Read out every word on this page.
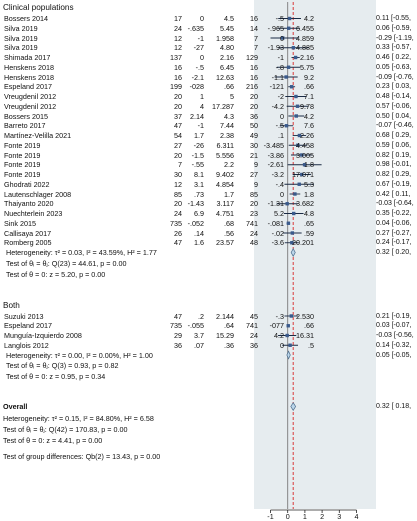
Clinical populations
Bossers 2014	17	0	4.5 16 -.5	4.2	0.11 [-0.55,
Silva 2019	24 -.635 5.45 14 -.965 6.455	0.06 [-0.59,
Silva 2019	12 -1 1.958	7	0 4.859	-0.29 [-1.19,
Silva 2019	12 -27 4.80	7 -1.93 4.885	0.33 [-0.57,
Shimada 2017	137	0 2.16 129	-1 2.16	0.46 [ 0.22,
Henskens 2018	16 -.5 6.45 16 -.8 5.75	0.05 [-0.63,
Henskens 2018	16 -2.1 12.63 16 -1.1	9.2	-0.09 [-0.76,
Espeland 2017	199 -028	.66 216 -121	.66	0.23 [ 0.03,
Vreugdenil 2012	20	1	5 20	-2	7.1	0.48 [-0.14,
Vreugdenil 2012	20	4 17.287 20 -4.2 9.78	0.57 [-0.06,
Bossers 2015	37 2.14	4.3 36	0	4.2	0.50 [ 0.04,
Barreto 2017	47 -1 7.44 50 -.5	7.6	-0.07 [-0.46,
Martínez-Velilla 2021	54 1.7 2.38 49	.1 2.26	0.68 [ 0.29,
Fonte 2019	27 -26 6.311 30 -3.485 4.458	0.59 [ 0.06,
Fonte 2019	20 -1.5 5.556 21 -3.86 3.005	0.82 [ 0.19,
Fonte 2019	7 -.55	2.2	9 -2.61	1.8	0.98 [-0.01,
Fonte 2019	30 8.1 9.402 27 -3.2 17.071	0.82 [ 0.29,
Ghodrati 2022	12 3.1 4.854	9 -.4	5.3	0.67 [-0.19,
Lautenschlager 2008	85 .73	1.7 85	0	1.8	0.42 [ 0.11,
Thaiyanto 2020	20 -1.43 3.117 20 -1.31 3.682	-0.03 [-0.64,
Nuechterlein 2023	24 6.9 4.751 23 5.2	4.8	0.35 [-0.22,
Sink 2015	735 -.052	.68 741 -.081	.65	0.04 [-0.06,
Callisaya 2017	26 .14	.56 24 -.02	.59	0.27 [-0.27,
Romberg 2005	47 1.6 23.57 48 -3.6 20.201	0.24 [-0.17,
Heterogeneity: τ² = 0.03, I² = 43.59%, H² = 1.77	0.32 [ 0.20,
Test of θᵢ = θⱼ: Q(23) = 44.61, p = 0.00
Test of θ = 0: z = 5.20, p = 0.00
Both
Suzuki 2013	47 .2 2.144 45 -.3 2.530	0.21 [-0.19,
Espeland 2017	735 -.055	.64 741 -077	.66	0.03 [-0.07,
Munguía-Izquierdo 2008	29 3.7 15.29 24 4.2 16.31	-0.03 [-0.56,
Langlois 2012	36 .07	.36 36	0	.5	0.14 [-0.32,
Heterogeneity: τ² = 0.00, I² = 0.00%, H² = 1.00	0.05 [-0.05,
Test of θᵢ = θⱼ: Q(3) = 0.93, p = 0.82
Test of θ = 0: z = 0.95, p = 0.34
Overall	0.32 [ 0.18,
Heterogeneity: τ² = 0.15, I² = 84.80%, H² = 6.58
Test of θᵢ = θⱼ: Q(42) = 170.83, p = 0.00
Test of θ = 0: z = 4.41, p = 0.00
Test of group differences: Qb(2) = 13.43, p = 0.00
-1	0	1	2	3	4
